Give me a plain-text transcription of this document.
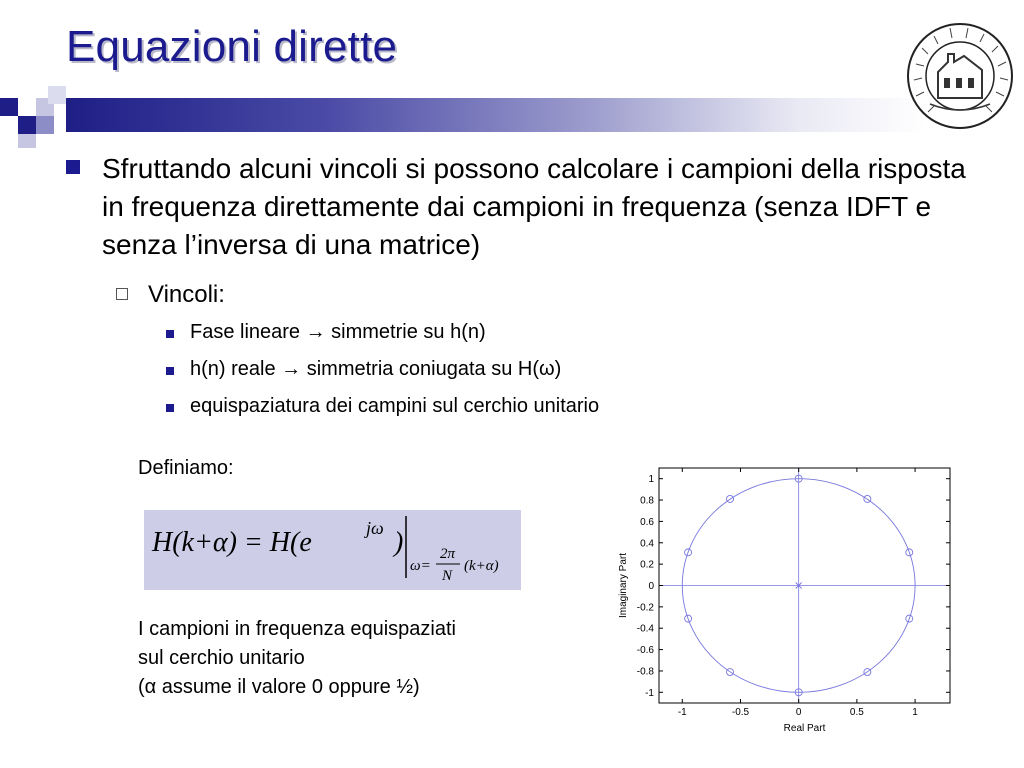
Equazioni dirette
Sfruttando alcuni vincoli si possono calcolare i campioni della risposta in frequenza direttamente dai campioni in frequenza (senza IDFT e senza l’inversa di una matrice)
Vincoli:
Fase lineare → simmetrie su h(n)
h(n) reale → simmetria coniugata su H(ω)
equispaziatura dei campini sul cerchio unitario
Definiamo:
H(k+α) = H(e	jω )
ω=
2π
N
(k+α)
I campioni in frequenza equispaziati
sul cerchio unitario
(α assume il valore 0 oppure ½)
-1	-0.5	0	0.5	1
1
0.8
0.6
0.4
0.2
0
-0.2
-0.4
-0.6
-0.8
-1
Real Part
Imaginary Part
